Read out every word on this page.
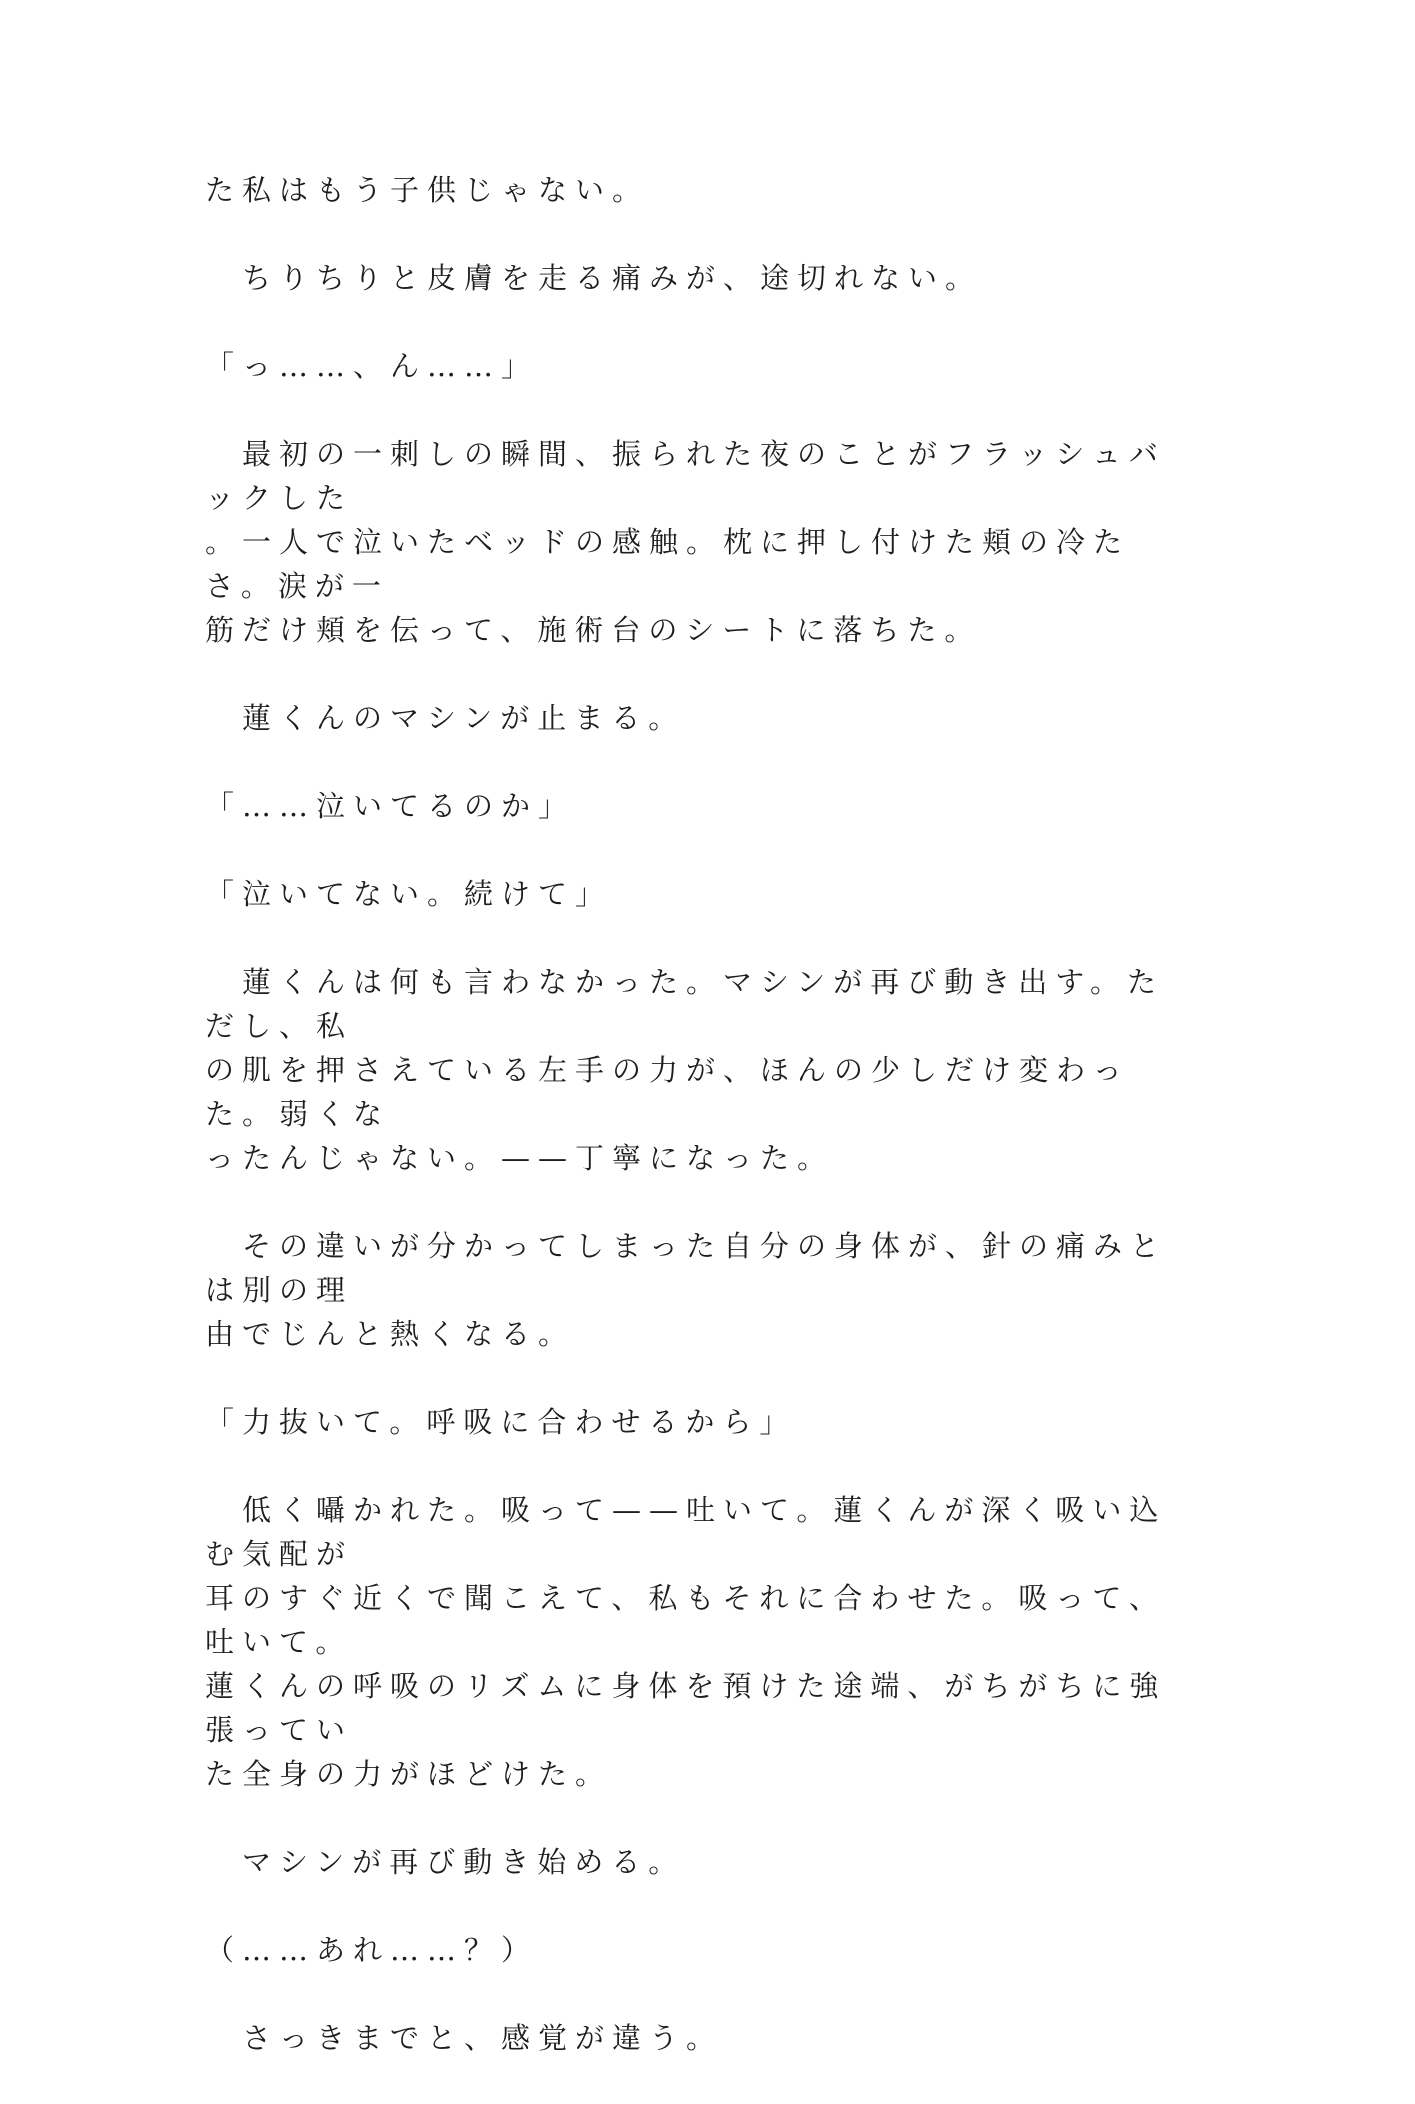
た私はもう子供じゃない。

　ちりちりと皮膚を走る痛みが、途切れない。

「っ……、ん……」

　最初の一刺しの瞬間、振られた夜のことがフラッシュバックした
。一人で泣いたベッドの感触。枕に押し付けた頬の冷たさ。涙が一
筋だけ頬を伝って、施術台のシートに落ちた。

　蓮くんのマシンが止まる。

「……泣いてるのか」

「泣いてない。続けて」

　蓮くんは何も言わなかった。マシンが再び動き出す。ただし、私
の肌を押さえている左手の力が、ほんの少しだけ変わった。弱くな
ったんじゃない。——丁寧になった。

　その違いが分かってしまった自分の身体が、針の痛みとは別の理
由でじんと熱くなる。

「力抜いて。呼吸に合わせるから」

　低く囁かれた。吸って——吐いて。蓮くんが深く吸い込む気配が
耳のすぐ近くで聞こえて、私もそれに合わせた。吸って、吐いて。
蓮くんの呼吸のリズムに身体を預けた途端、がちがちに強張ってい
た全身の力がほどけた。

　マシンが再び動き始める。

（……あれ……？）

　さっきまでと、感覚が違う。
